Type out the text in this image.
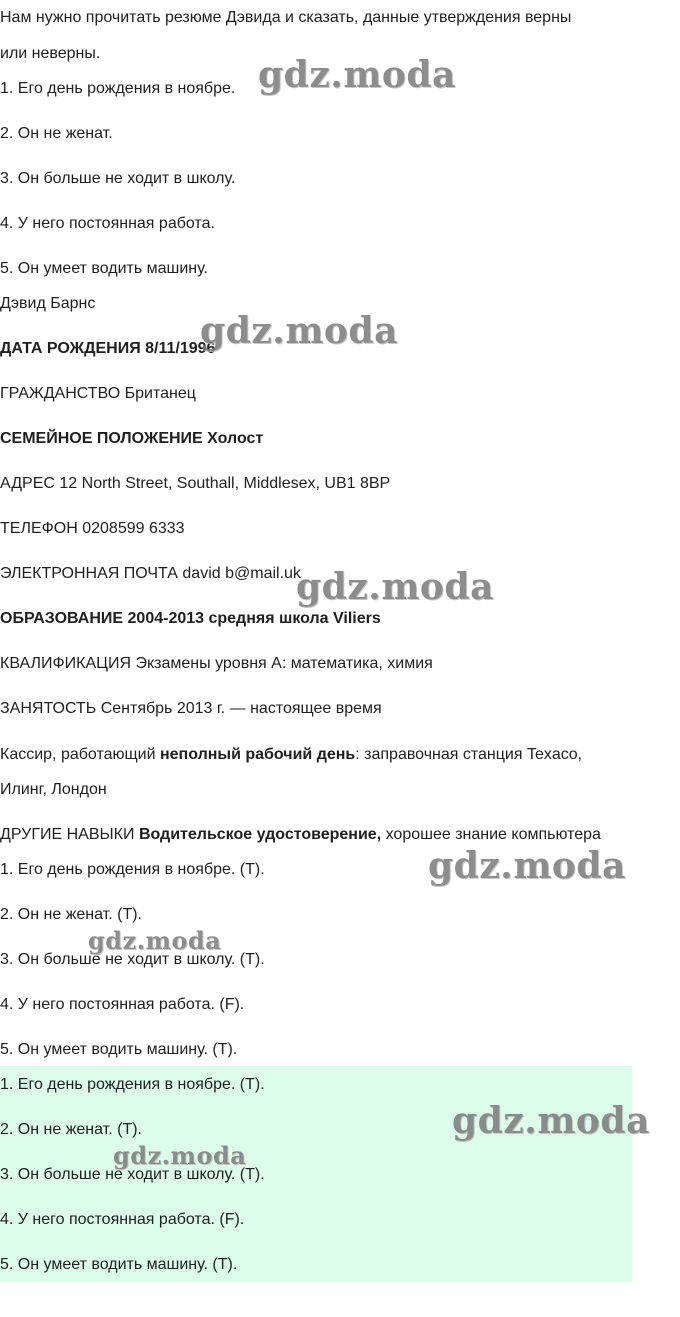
Нам нужно прочитать резюме Дэвида и сказать, данные утверждения верны
или неверны.
1. Его день рождения в ноябре.
2. Он не женат.
3. Он больше не ходит в школу.
4. У него постоянная работа.
5. Он умеет водить машину.
Дэвид Барнс
ДАТА РОЖДЕНИЯ 8/11/1996
ГРАЖДАНСТВО Британец
СЕМЕЙНОЕ ПОЛОЖЕНИЕ Холост
АДРЕС 12 North Street, Southall, Middlesex, UB1 8BP
ТЕЛЕФОН 0208599 6333
ЭЛЕКТРОННАЯ ПОЧТА david b@mail.uk
ОБРАЗОВАНИЕ 2004-2013 средняя школа Viliers
КВАЛИФИКАЦИЯ Экзамены уровня А: математика, химия
ЗАНЯТОСТЬ Сентябрь 2013 г. — настоящее время
Кассир, работающий неполный рабочий день: заправочная станция Texaco,
Илинг, Лондон
ДРУГИЕ НАВЫКИ Водительское удостоверение, хорошее знание компьютера
1. Его день рождения в ноябре. (T).
2. Он не женат. (T).
3. Он больше не ходит в школу. (T).
4. У него постоянная работа. (F).
5. Он умеет водить машину. (T).
1. Его день рождения в ноябре. (T).
2. Он не женат. (T).
3. Он больше не ходит в школу. (T).
4. У него постоянная работа. (F).
5. Он умеет водить машину. (T).
gdz.moda
gdz.moda
gdz.moda
gdz.moda
gdz.moda
gdz.moda
gdz.moda
